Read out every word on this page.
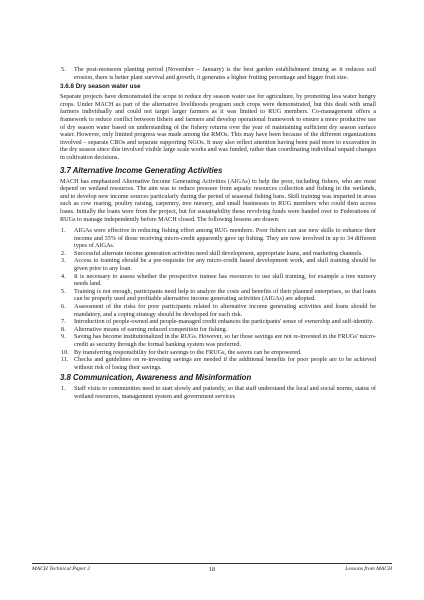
5.	The post-monsoon planting period (November – January) is the best garden establishment timing as it reduces soil erosion, there is better plant survival and growth, it generates a higher fruiting percentage and bigger fruit size.
3.6.8 Dry season water use

Separate projects have demonstrated the scope to reduce dry season water use for agriculture, by promoting less water hungry crops. Under MACH as part of the alternative livelihoods program such crops were demonstrated, but this dealt with small farmers individually and could not target larger farmers as it was limited to RUG members. Co-management offers a framework to reduce conflict between fishers and farmers and develop operational framework to ensure a more productive use of dry season water based on understanding of the fishery returns over the year of maintaining sufficient dry season surface water. However, only limited progress was made among the RMOs. This may have been because of the different organizations involved – separate CBOs and separate supporting NGOs. It may also reflect attention having been paid more to excavation in the dry season since this involved visible large scale works and was funded, rather than coordinating individual unpaid changes in cultivation decisions.

3.7 Alternative Income Generating Activities

MACH has emphasized Alternative Income Generating Activities (AIGAs) to help the poor, including fishers, who are most depend on wetland resources. The aim was to reduce pressure from aquatic resources collection and fishing in the wetlands, and to develop new income sources particularly during the period of seasonal fishing bans. Skill training was imparted in areas such as cow rearing, poultry raising, carpentry, tree nursery, and small businesses to RUG members who could then access loans. Initially the loans were from the project, but for sustainability these revolving funds were handed over to Federations of RUGs to manage independently before MACH closed. The following lessons are drawn:

1.	AIGAs were effective in reducing fishing effort among RUG members. Poor fishers can use new skills to enhance their income and 35% of those receiving micro-credit apparently gave up fishing. They are now involved in up to 34 different types of AIGAs.
2.	Successful alternate income generation activities need skill development, appropriate loans, and marketing channels.
3.	Access to training should be a pre-requisite for any micro-credit based development work, and skill training should be given prior to any loan.
4.	It is necessary to assess whether the prospective trainee has resources to use skill training, for example a tree nursery needs land.
5.	Training is not enough, participants need help to analyze the costs and benefits of their planned enterprises, so that loans can be properly used and profitable alternative income generating activities (AIGAs) are adopted.
6.	Assessment of the risks for poor participants related to alternative income generating activities and loans should be mandatory, and a coping strategy should be developed for each risk.
7.	Introduction of people-owned and people-managed credit enhances the participants' sense of ownership and self-identity.
8.	Alternative means of earning reduced competition for fishing.
9.	Saving has become institutionalized in the RUGs. However, so far those savings are not re-invested in the FRUGs' micro-credit as security through the formal banking system was preferred.
10. By transferring responsibility for their savings to the FRUGs, the savers can be empowered.
11. Checks and guidelines on re-investing savings are needed if the additional benefits for poor people are to be achieved without risk of losing their savings.
3.8 Communication, Awareness and Misinformation
1.	Staff visits to communities need to start slowly and patiently, so that staff understand the local and social norms, status of wetland resources, management system and government services
MACH Technical Paper 2	18	Lessons from MACH
